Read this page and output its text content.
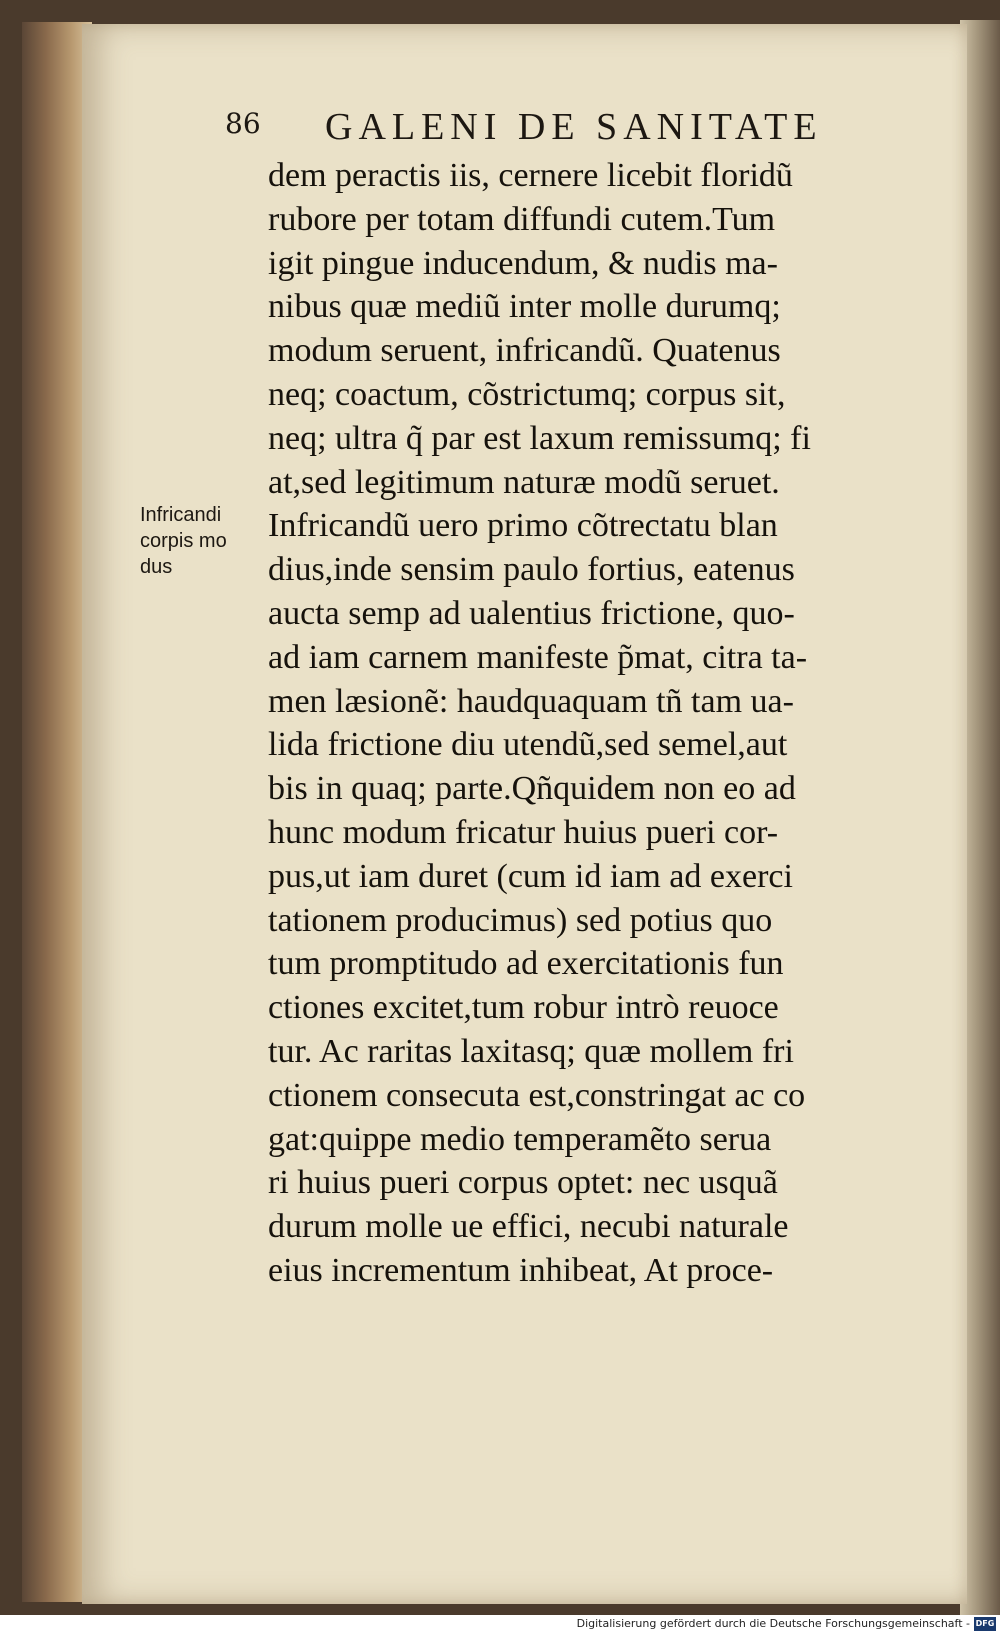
86 GALENI DE SANITATE
Infricandi
corpis mo
dus
dem peractis iis, cernere licebit floridũ
rubore per totam diffundi cutem.Tum
igit pingue inducendum, & nudis ma-
nibus quæ mediũ inter molle durumq;
modum seruent, infricandũ. Quatenus
neq; coactum, cõstrictumq; corpus sit,
neq; ultra q̃ par est laxum remissumq; fi
at,sed legitimum naturæ modũ seruet.
Infricandũ uero primo cõtrectatu blan
dius,inde sensim paulo fortius, eatenus
aucta semp ad ualentius frictione, quo-
ad iam carnem manifeste p̃mat, citra ta-
men læsionẽ: haudquaquam tñ tam ua-
lida frictione diu utendũ,sed semel,aut
bis in quaq; parte.Qñquidem non eo ad
hunc modum fricatur huius pueri cor-
pus,ut iam duret (cum id iam ad exerci
tationem producimus) sed potius quo
tum promptitudo ad exercitationis fun
ctiones excitet,tum robur intrò reuoce
tur. Ac raritas laxitasq; quæ mollem fri
ctionem consecuta est,constringat ac co
gat:quippe medio temperamẽto serua
ri huius pueri corpus optet: nec usquã
durum molle ue effici, necubi naturale
eius incrementum inhibeat, At proce-
Digitalisierung gefördert durch die Deutsche Forschungsgemeinschaft - DFG
